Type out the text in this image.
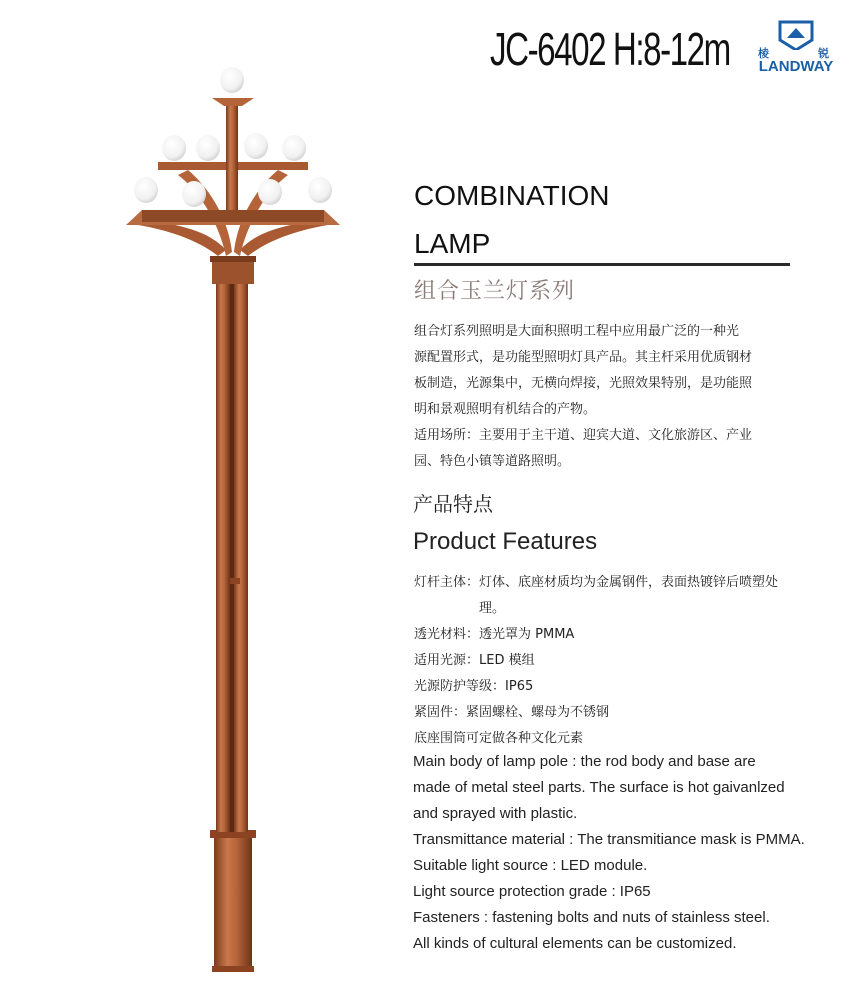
JC-6402 H:8-12m	棱	锐
LANDWAY
COMBINATION
LAMP
组合玉兰灯系列

组合灯系列照明是大面积照明工程中应用最广泛的一种光

源配置形式，是功能型照明灯具产品。其主杆采用优质钢材

板制造，光源集中，无横向焊接，光照效果特别，是功能照

明和景观照明有机结合的产物。

适用场所：主要用于主干道、迎宾大道、文化旅游区、产业

园、特色小镇等道路照明。

产品特点
Product Features
灯杆主体： 灯体、底座材质均为金属钢件，表面热镀锌后喷塑处理。
透光材料： 透光罩为 PMMA
适用光源： LED 模组
光源防护等级： IP65
紧固件： 紧固螺栓、螺母为不锈钢
底座围筒可定做各种文化元素

Main body of lamp pole : the rod body and base are

made of metal steel parts. The surface is hot gaivanlzed

and sprayed with plastic.

Transmittance material : The transmitiance mask is PMMA.

Suitable light source : LED module.

Light source protection grade : IP65

Fasteners : fastening bolts and nuts of stainless steel.

All kinds of cultural elements can be customized.
